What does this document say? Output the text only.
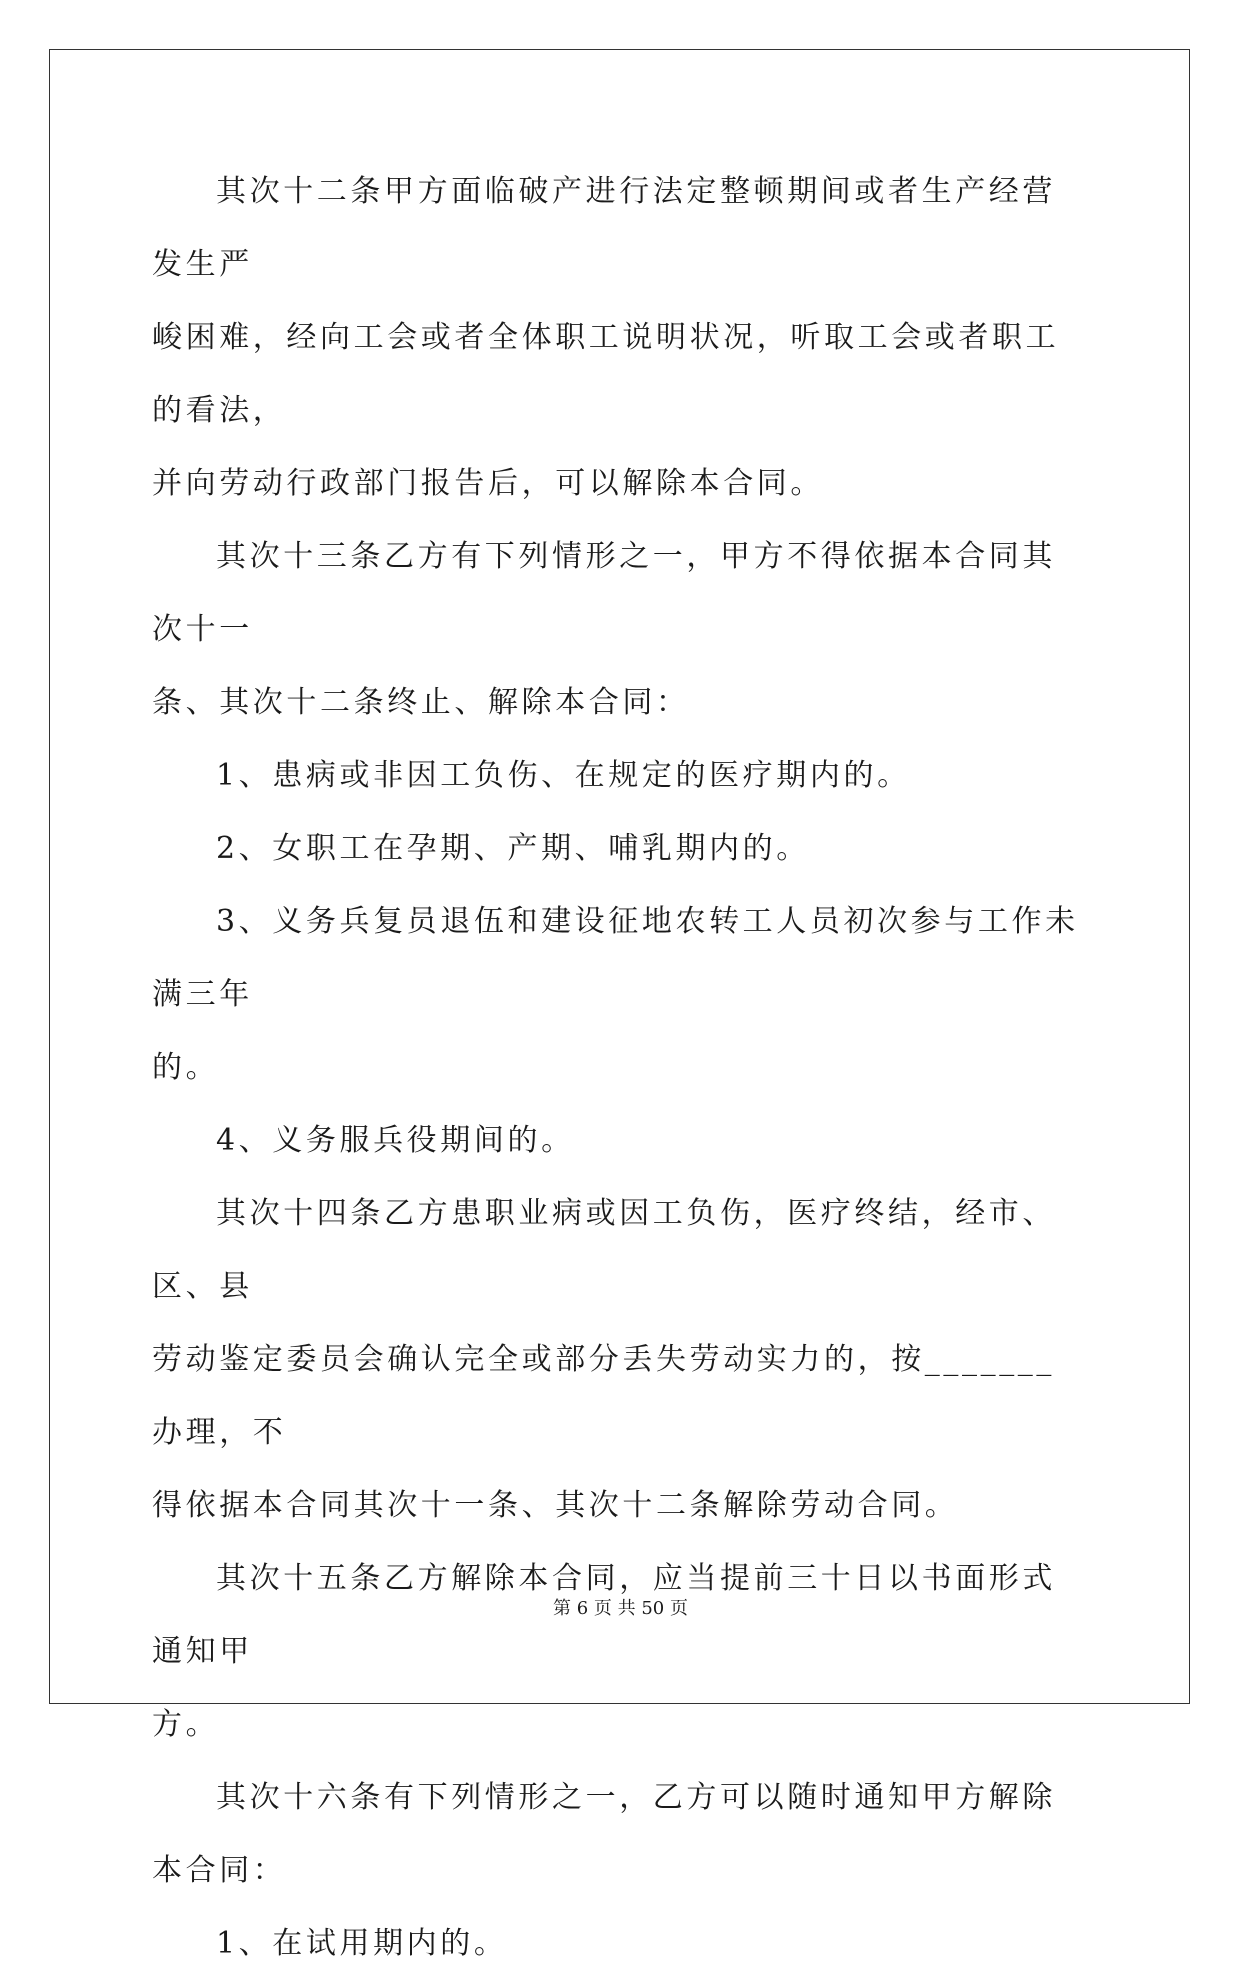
其次十二条甲方面临破产进行法定整顿期间或者生产经营发生严

峻困难，经向工会或者全体职工说明状况，听取工会或者职工的看法，

并向劳动行政部门报告后，可以解除本合同。

其次十三条乙方有下列情形之一，甲方不得依据本合同其次十一

条、其次十二条终止、解除本合同：

1、患病或非因工负伤、在规定的医疗期内的。

2、女职工在孕期、产期、哺乳期内的。

3、义务兵复员退伍和建设征地农转工人员初次参与工作未满三年

的。

4、义务服兵役期间的。

其次十四条乙方患职业病或因工负伤，医疗终结，经市、区、县

劳动鉴定委员会确认完全或部分丢失劳动实力的，按_______办理，不

得依据本合同其次十一条、其次十二条解除劳动合同。

其次十五条乙方解除本合同，应当提前三十日以书面形式通知甲

方。

其次十六条有下列情形之一，乙方可以随时通知甲方解除本合同：

1、在试用期内的。

第 6 页 共 50 页
